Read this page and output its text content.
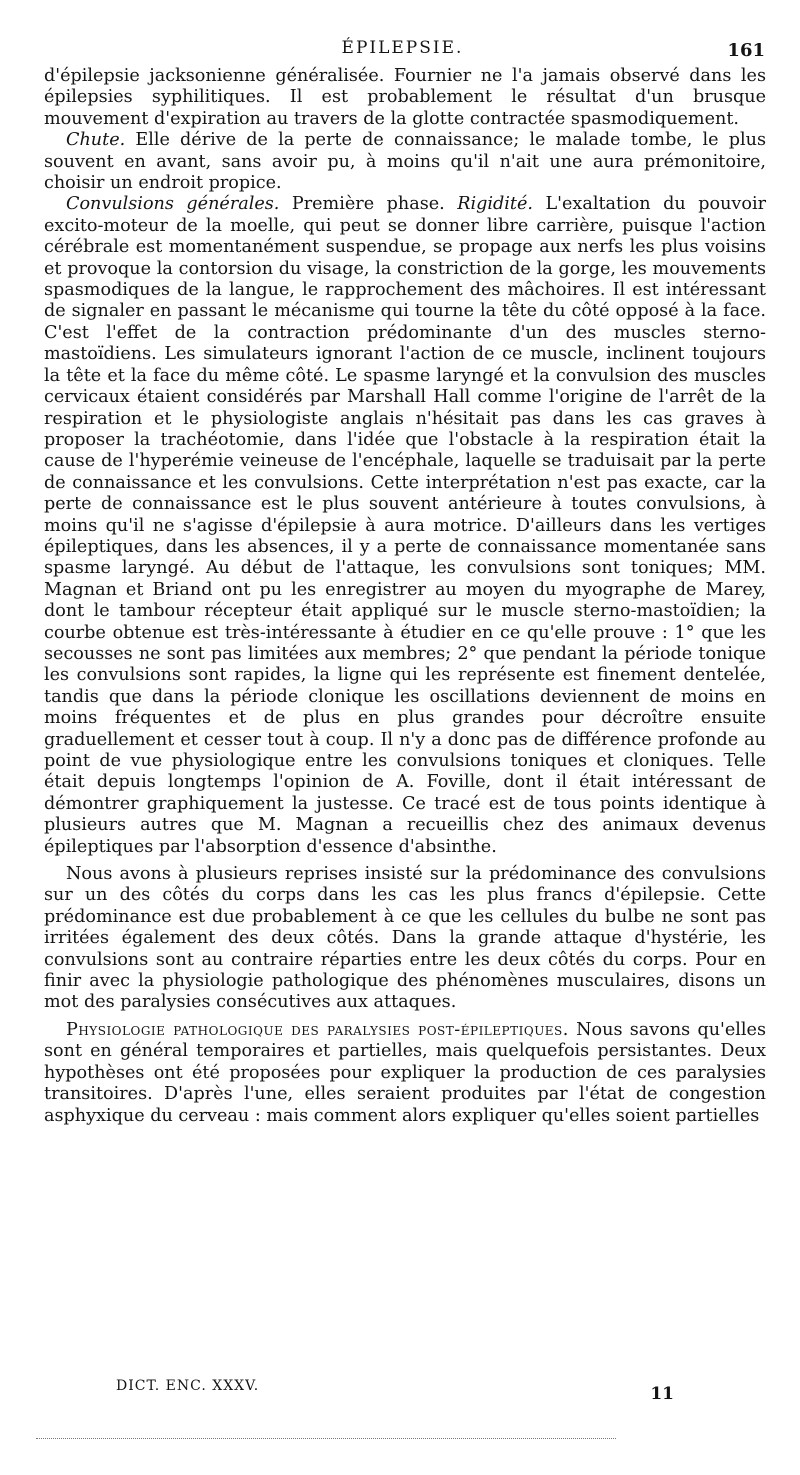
ÉPILEPSIE.	161

d'épilepsie jacksonienne généralisée. Fournier ne l'a jamais observé dans les épilepsies syphilitiques. Il est probablement le résultat d'un brusque mouvement d'expiration au travers de la glotte contractée spasmodiquement.

Chute. Elle dérive de la perte de connaissance; le malade tombe, le plus souvent en avant, sans avoir pu, à moins qu'il n'ait une aura prémonitoire, choisir un endroit propice.

Convulsions générales. Première phase. Rigidité. L'exaltation du pouvoir excito-moteur de la moelle, qui peut se donner libre carrière, puisque l'action cérébrale est momentanément suspendue, se propage aux nerfs les plus voisins et provoque la contorsion du visage, la constriction de la gorge, les mouvements spasmodiques de la langue, le rapprochement des mâchoires. Il est intéressant de signaler en passant le mécanisme qui tourne la tête du côté opposé à la face. C'est l'effet de la contraction prédominante d'un des muscles sterno-mastoïdiens. Les simulateurs ignorant l'action de ce muscle, inclinent toujours la tête et la face du même côté. Le spasme laryngé et la convulsion des muscles cervicaux étaient considérés par Marshall Hall comme l'origine de l'arrêt de la respiration et le physiologiste anglais n'hésitait pas dans les cas graves à proposer la trachéotomie, dans l'idée que l'obstacle à la respiration était la cause de l'hyperémie veineuse de l'encéphale, laquelle se traduisait par la perte de connaissance et les convulsions. Cette interprétation n'est pas exacte, car la perte de connaissance est le plus souvent antérieure à toutes convulsions, à moins qu'il ne s'agisse d'épilepsie à aura motrice. D'ailleurs dans les vertiges épileptiques, dans les absences, il y a perte de connaissance momentanée sans spasme laryngé. Au début de l'attaque, les convulsions sont toniques; MM. Magnan et Briand ont pu les enregistrer au moyen du myographe de Marey, dont le tambour récepteur était appliqué sur le muscle sterno-mastoïdien; la courbe obtenue est très-intéressante à étudier en ce qu'elle prouve : 1° que les secousses ne sont pas limitées aux membres; 2° que pendant la période tonique les convulsions sont rapides, la ligne qui les représente est finement dentelée, tandis que dans la période clonique les oscillations deviennent de moins en moins fréquentes et de plus en plus grandes pour décroître ensuite graduellement et cesser tout à coup. Il n'y a donc pas de différence profonde au point de vue physiologique entre les convulsions toniques et cloniques. Telle était depuis longtemps l'opinion de A. Foville, dont il était intéressant de démontrer graphiquement la justesse. Ce tracé est de tous points identique à plusieurs autres que M. Magnan a recueillis chez des animaux devenus épileptiques par l'absorption d'essence d'absinthe.

Nous avons à plusieurs reprises insisté sur la prédominance des convulsions sur un des côtés du corps dans les cas les plus francs d'épilepsie. Cette prédominance est due probablement à ce que les cellules du bulbe ne sont pas irritées également des deux côtés. Dans la grande attaque d'hystérie, les convulsions sont au contraire réparties entre les deux côtés du corps. Pour en finir avec la physiologie pathologique des phénomènes musculaires, disons un mot des paralysies consécutives aux attaques.

Physiologie pathologique des paralysies post-épileptiques. Nous savons qu'elles sont en général temporaires et partielles, mais quelquefois persistantes. Deux hypothèses ont été proposées pour expliquer la production de ces paralysies transitoires. D'après l'une, elles seraient produites par l'état de congestion asphyxique du cerveau : mais comment alors expliquer qu'elles soient partielles

DICT. ENC. XXXV.	11
